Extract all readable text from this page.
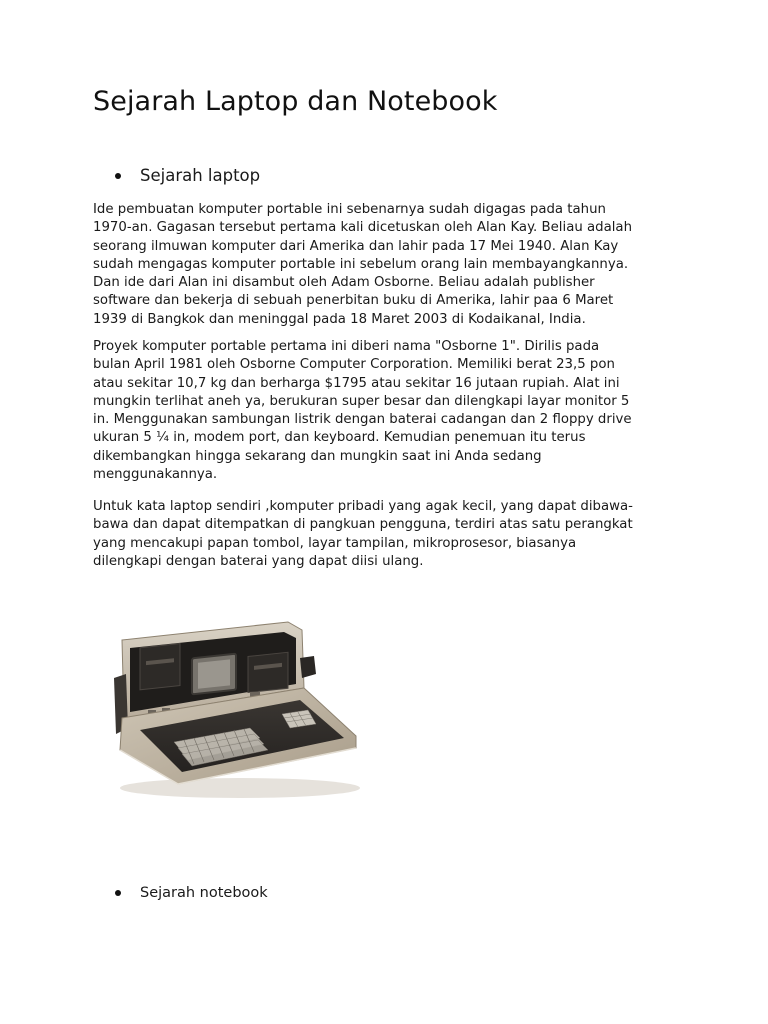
Sejarah Laptop dan Notebook
Sejarah laptop

Ide pembuatan komputer portable ini sebenarnya sudah digagas pada tahun
1970-an. Gagasan tersebut pertama kali dicetuskan oleh Alan Kay. Beliau adalah
seorang ilmuwan komputer dari Amerika dan lahir pada 17 Mei 1940. Alan Kay
sudah mengagas komputer portable ini sebelum orang lain membayangkannya.
Dan ide dari Alan ini disambut oleh Adam Osborne. Beliau adalah publisher
software dan bekerja di sebuah penerbitan buku di Amerika, lahir paa 6 Maret
1939 di Bangkok dan meninggal pada 18 Maret 2003 di Kodaikanal, India.

Proyek komputer portable pertama ini diberi nama "Osborne 1". Dirilis pada
bulan April 1981 oleh Osborne Computer Corporation. Memiliki berat 23,5 pon
atau sekitar 10,7 kg dan berharga $1795 atau sekitar 16 jutaan rupiah. Alat ini
mungkin terlihat aneh ya, berukuran super besar dan dilengkapi layar monitor 5
in. Menggunakan sambungan listrik dengan baterai cadangan dan 2 floppy drive
ukuran 5 ¼ in, modem port, dan keyboard. Kemudian penemuan itu terus
dikembangkan hingga sekarang dan mungkin saat ini Anda sedang
menggunakannya.

Untuk kata laptop sendiri ,komputer pribadi yang agak kecil, yang dapat dibawa-
bawa dan dapat ditempatkan di pangkuan pengguna, terdiri atas satu perangkat
yang mencakupi papan tombol, layar tampilan, mikroprosesor, biasanya
dilengkapi dengan baterai yang dapat diisi ulang.

Sejarah notebook
